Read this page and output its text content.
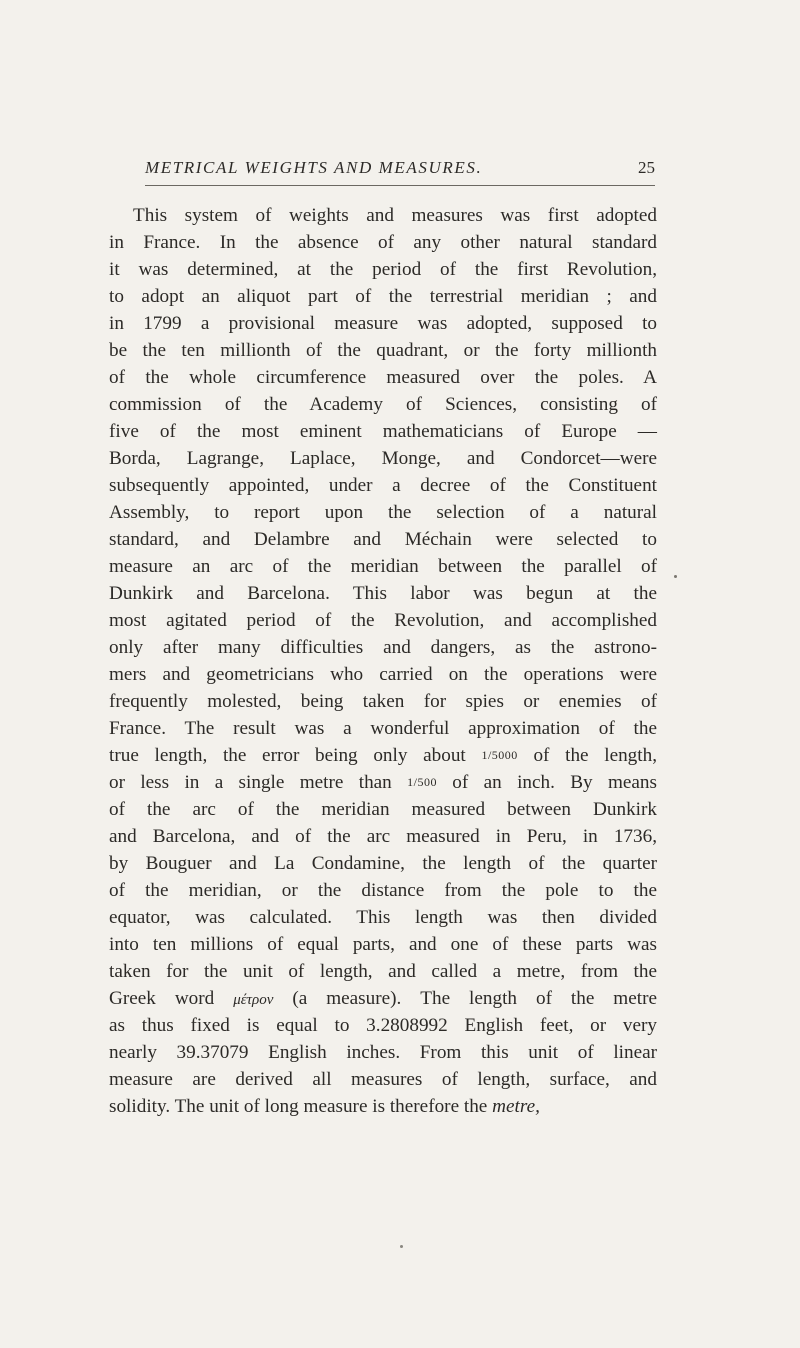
METRICAL WEIGHTS AND MEASURES.	25
This system of weights and measures was first adopted
in France. In the absence of any other natural standard
it was determined, at the period of the first Revolution,
to adopt an aliquot part of the terrestrial meridian ; and
in 1799 a provisional measure was adopted, supposed to
be the ten millionth of the quadrant, or the forty millionth
of the whole circumference measured over the poles. A
commission of the Academy of Sciences, consisting of
five of the most eminent mathematicians of Europe —
Borda, Lagrange, Laplace, Monge, and Condorcet—were
subsequently appointed, under a decree of the Constituent
Assembly, to report upon the selection of a natural
standard, and Delambre and Méchain were selected to
measure an arc of the meridian between the parallel of
Dunkirk and Barcelona. This labor was begun at the
most agitated period of the Revolution, and accomplished
only after many difficulties and dangers, as the astrono-
mers and geometricians who carried on the operations were
frequently molested, being taken for spies or enemies of
France. The result was a wonderful approximation of the
true length, the error being only about 1/5000 of the length,
or less in a single metre than 1/500 of an inch. By means
of the arc of the meridian measured between Dunkirk
and Barcelona, and of the arc measured in Peru, in 1736,
by Bouguer and La Condamine, the length of the quarter
of the meridian, or the distance from the pole to the
equator, was calculated. This length was then divided
into ten millions of equal parts, and one of these parts was
taken for the unit of length, and called a metre, from the
Greek word μέτρον (a measure). The length of the metre
as thus fixed is equal to 3.2808992 English feet, or very
nearly 39.37079 English inches. From this unit of linear
measure are derived all measures of length, surface, and
solidity. The unit of long measure is therefore the metre,
